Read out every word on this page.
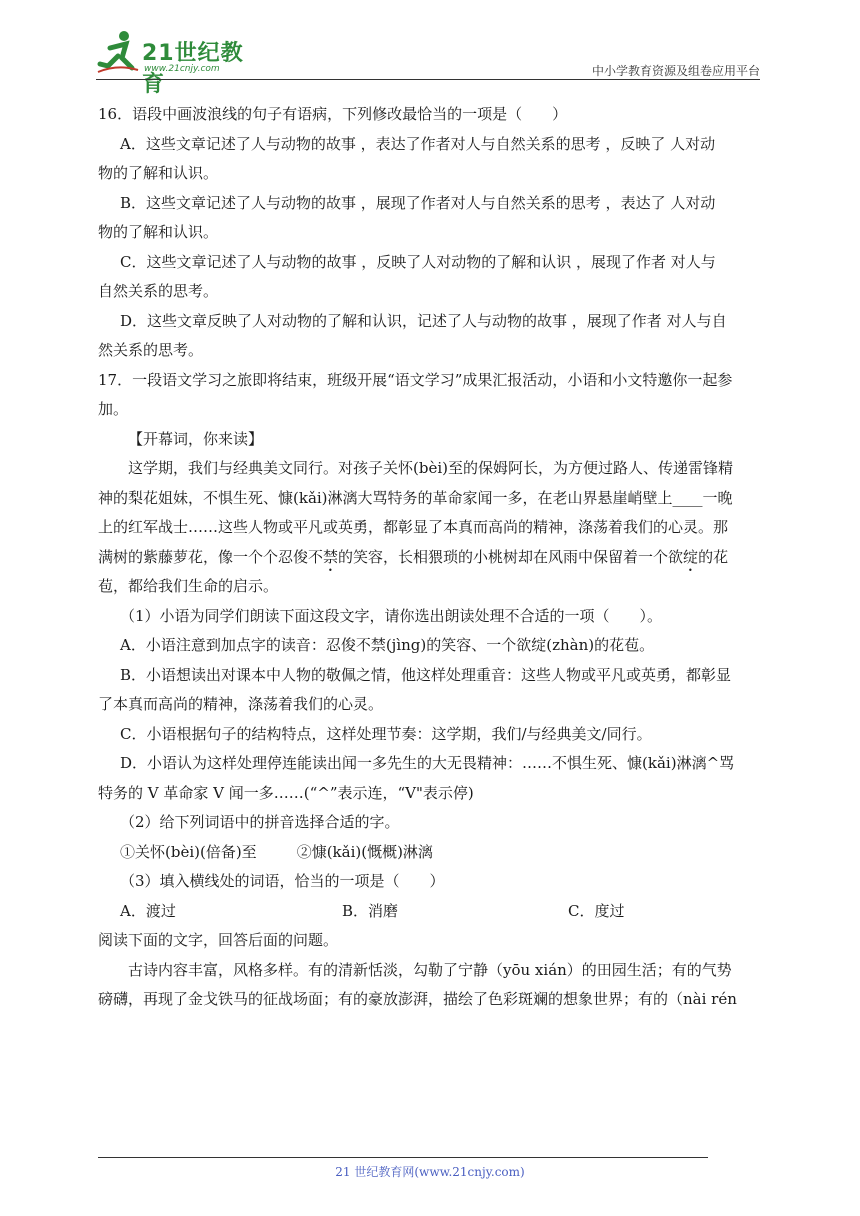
21世纪教育
www.21cnjy.com	中小学教育资源及组卷应用平台
16．语段中画波浪线的句子有语病，下列修改最恰当的一项是（　　）
A．这些文章记述了人与动物的故事 ，表达了作者对人与自然关系的思考 ，反映了 人对动
物的了解和认识。
B．这些文章记述了人与动物的故事 ，展现了作者对人与自然关系的思考 ，表达了 人对动
物的了解和认识。
C．这些文章记述了人与动物的故事 ，反映了人对动物的了解和认识 ，展现了作者 对人与
自然关系的思考。
D．这些文章反映了人对动物的了解和认识，记述了人与动物的故事 ，展现了作者 对人与自
然关系的思考。
17．一段语文学习之旅即将结束，班级开展“语文学习”成果汇报活动，小语和小文特邀你一起参
加。
【开幕词，你来读】
这学期，我们与经典美文同行。对孩子关怀(bèi)至的保姆阿长，为方便过路人、传递雷锋精
神的梨花姐妹，不惧生死、慷(kǎi)淋漓大骂特务的革命家闻一多，在老山界悬崖峭壁上____一晚
上的红军战士……这些人物或平凡或英勇，都彰显了本真而高尚的精神，涤荡着我们的心灵。那
满树的紫藤萝花，像一个个忍俊不禁的笑容，长相猥琐的小桃树却在风雨中保留着一个欲绽的花
苞，都给我们生命的启示。
（1）小语为同学们朗读下面这段文字，请你选出朗读处理不合适的一项（　　）。
A．小语注意到加点字的读音：忍俊不禁(jìng)的笑容、一个欲绽(zhàn)的花苞。
B．小语想读出对课本中人物的敬佩之情，他这样处理重音：这些人物或平凡或英勇，都彰显
了本真而高尚的精神，涤荡着我们的心灵。
C．小语根据句子的结构特点，这样处理节奏：这学期，我们/与经典美文/同行。
D．小语认为这样处理停连能读出闻一多先生的大无畏精神：……不惧生死、慷(kǎi)淋漓^骂
特务的 V 革命家 V 闻一多……(“^”表示连，“V"表示停)
（2）给下列词语中的拼音选择合适的字。
①关怀(bèi)(倍备)至	②慷(kǎi)(慨概)淋漓
（3）填入横线处的词语，恰当的一项是（　　）
A．渡过	B．消磨	C．度过
阅读下面的文字，回答后面的问题。
古诗内容丰富，风格多样。有的清新恬淡，勾勒了宁静（yōu xián）的田园生活；有的气势
磅礴，再现了金戈铁马的征战场面；有的豪放澎湃，描绘了色彩斑斓的想象世界；有的（nài rén
21 世纪教育网(www.21cnjy.com)
